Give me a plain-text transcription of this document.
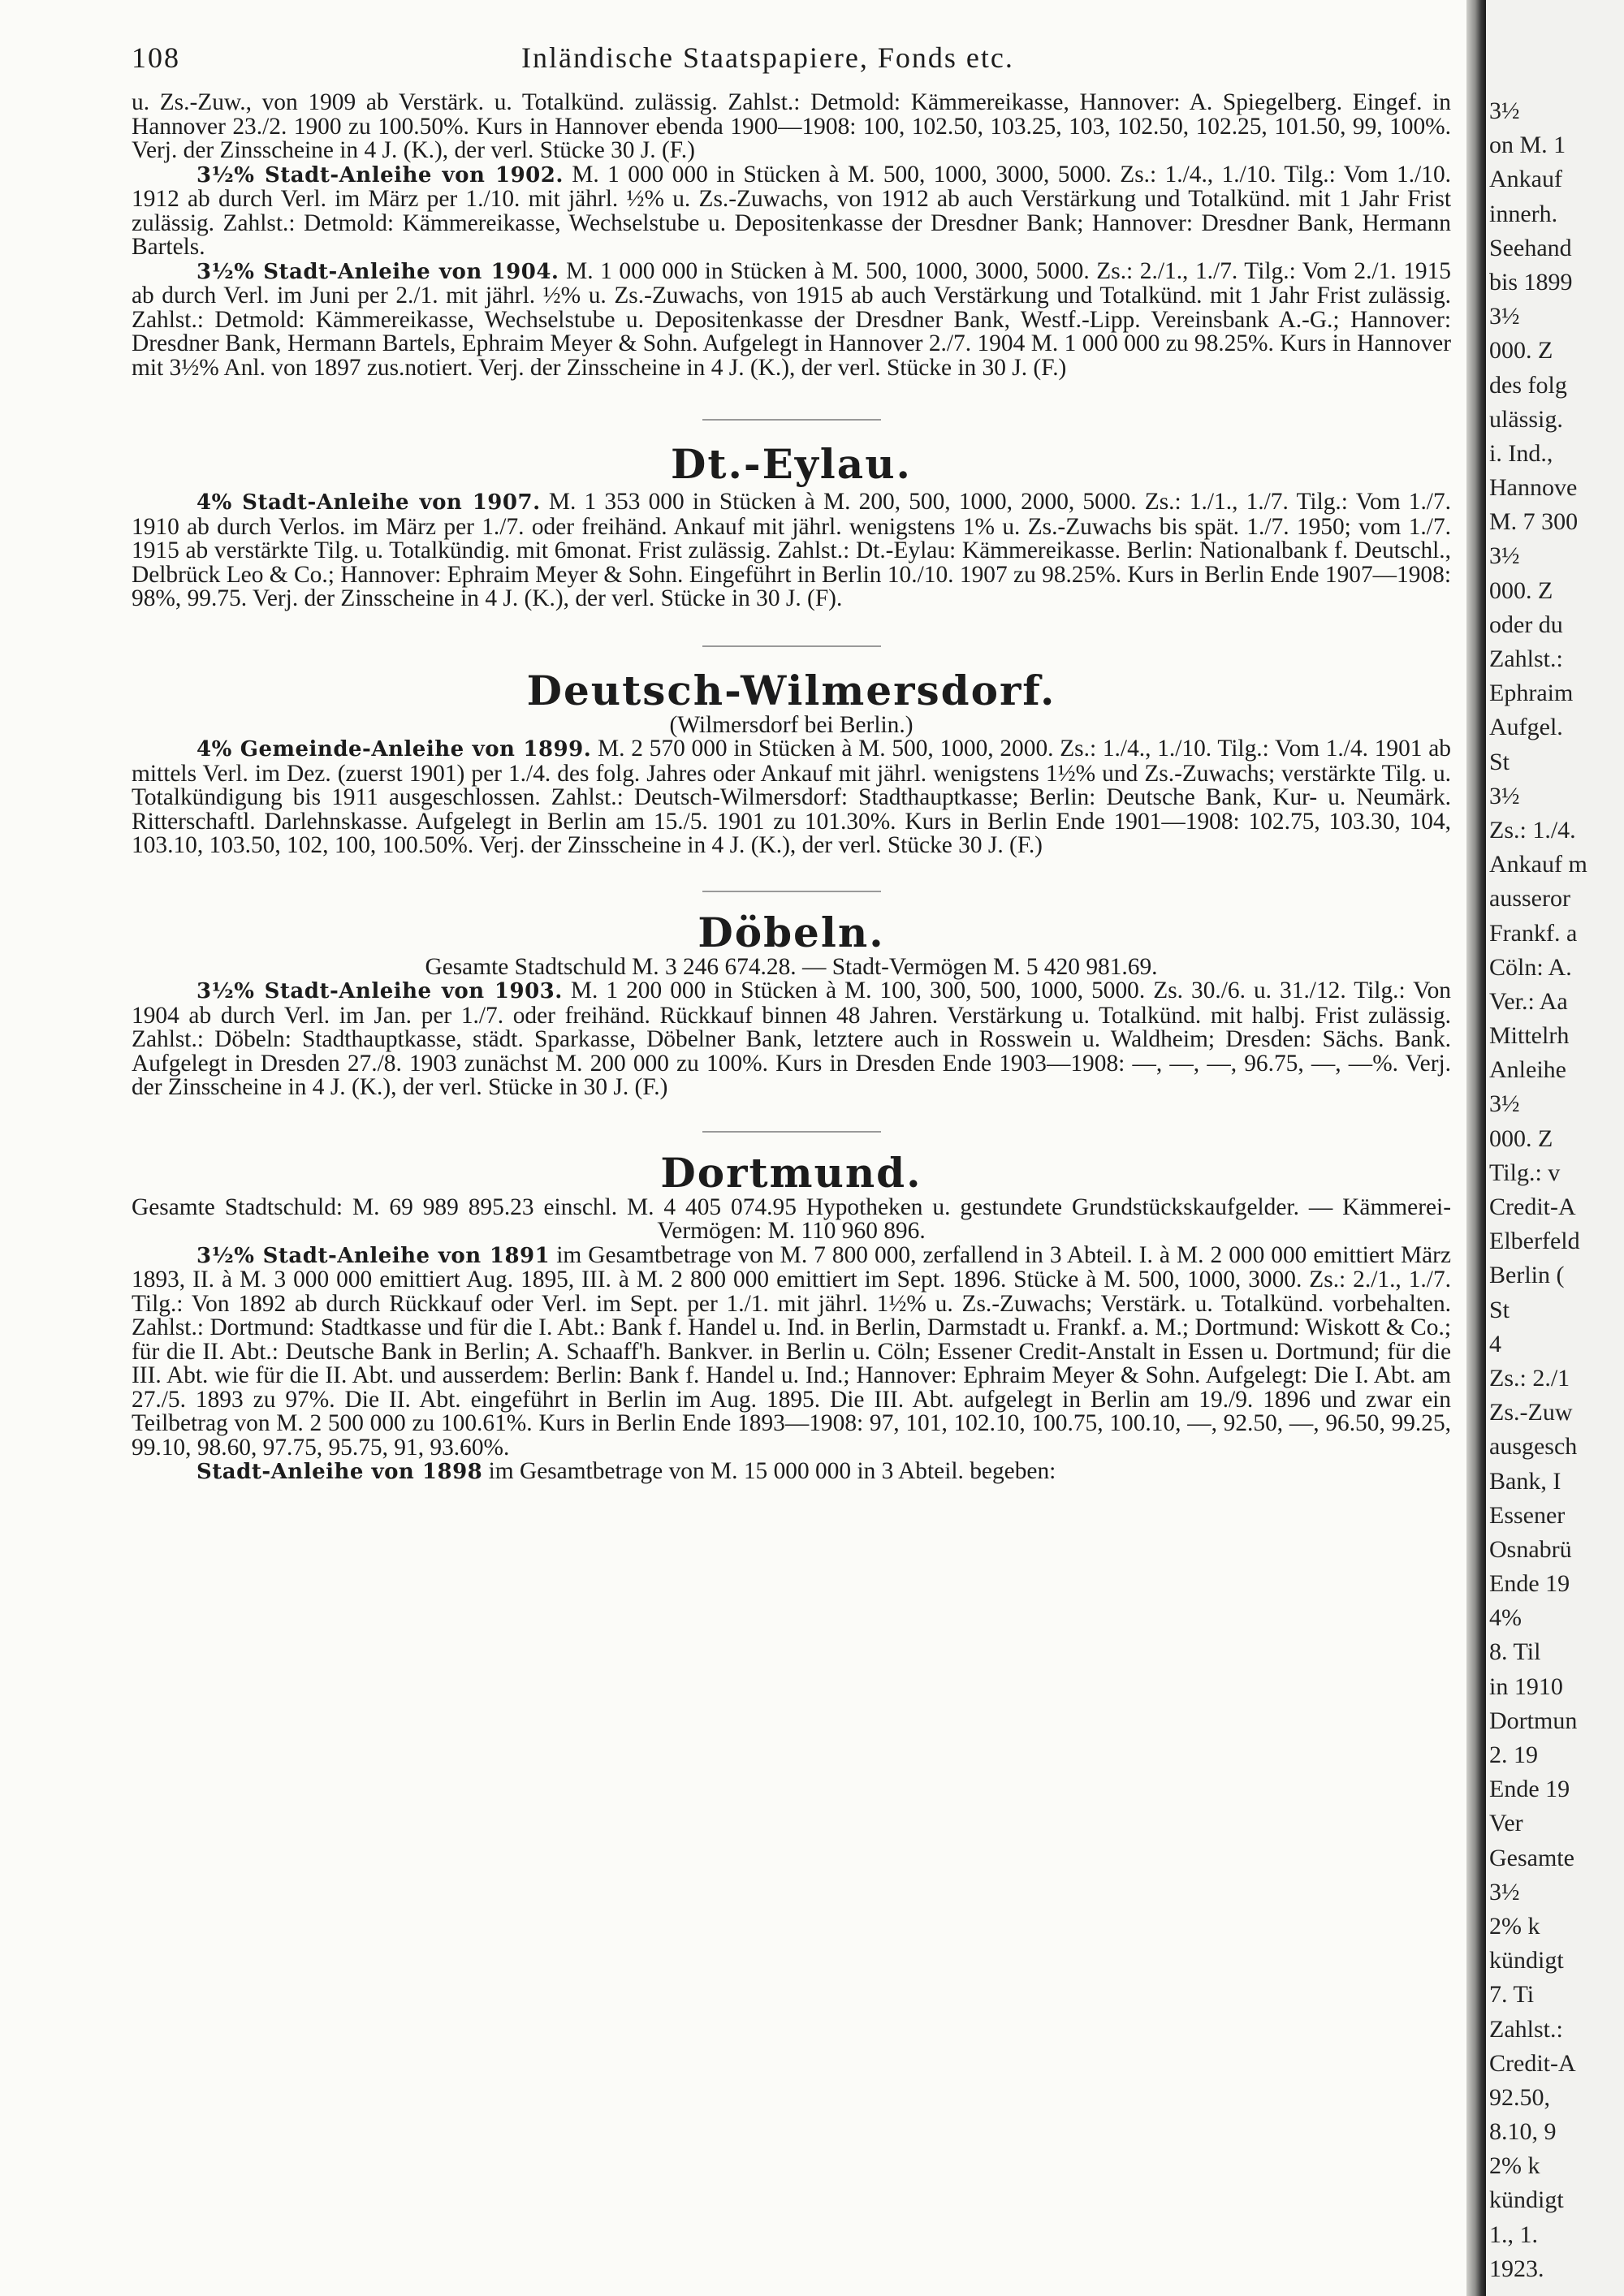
108	Inländische Staatspapiere, Fonds etc.

u. Zs.-Zuw., von 1909 ab Verstärk. u. Totalkünd. zulässig. Zahlst.: Detmold: Kämmereikasse, Hannover: A. Spiegelberg. Eingef. in Hannover 23./2. 1900 zu 100.50%. Kurs in Hannover ebenda 1900—1908: 100, 102.50, 103.25, 103, 102.50, 102.25, 101.50, 99, 100%. Verj. der Zinsscheine in 4 J. (K.), der verl. Stücke 30 J. (F.)

3½% Stadt-Anleihe von 1902. M. 1 000 000 in Stücken à M. 500, 1000, 3000, 5000. Zs.: 1./4., 1./10. Tilg.: Vom 1./10. 1912 ab durch Verl. im März per 1./10. mit jährl. ½% u. Zs.-Zuwachs, von 1912 ab auch Verstärkung und Totalkünd. mit 1 Jahr Frist zulässig. Zahlst.: Detmold: Kämmereikasse, Wechselstube u. Depositenkasse der Dresdner Bank; Hannover: Dresdner Bank, Hermann Bartels.

3½% Stadt-Anleihe von 1904. M. 1 000 000 in Stücken à M. 500, 1000, 3000, 5000. Zs.: 2./1., 1./7. Tilg.: Vom 2./1. 1915 ab durch Verl. im Juni per 2./1. mit jährl. ½% u. Zs.-Zuwachs, von 1915 ab auch Verstärkung und Totalkünd. mit 1 Jahr Frist zulässig. Zahlst.: Detmold: Kämmereikasse, Wechselstube u. Depositenkasse der Dresdner Bank, Westf.-Lipp. Vereinsbank A.-G.; Hannover: Dresdner Bank, Hermann Bartels, Ephraim Meyer & Sohn. Aufgelegt in Hannover 2./7. 1904 M. 1 000 000 zu 98.25%. Kurs in Hannover mit 3½% Anl. von 1897 zus.notiert. Verj. der Zinsscheine in 4 J. (K.), der verl. Stücke in 30 J. (F.)

Dt.-Eylau.

4% Stadt-Anleihe von 1907. M. 1 353 000 in Stücken à M. 200, 500, 1000, 2000, 5000. Zs.: 1./1., 1./7. Tilg.: Vom 1./7. 1910 ab durch Verlos. im März per 1./7. oder freihänd. Ankauf mit jährl. wenigstens 1% u. Zs.-Zuwachs bis spät. 1./7. 1950; vom 1./7. 1915 ab verstärkte Tilg. u. Totalkündig. mit 6monat. Frist zulässig. Zahlst.: Dt.-Eylau: Kämmereikasse. Berlin: Nationalbank f. Deutschl., Delbrück Leo & Co.; Hannover: Ephraim Meyer & Sohn. Eingeführt in Berlin 10./10. 1907 zu 98.25%. Kurs in Berlin Ende 1907—1908: 98%, 99.75. Verj. der Zinsscheine in 4 J. (K.), der verl. Stücke in 30 J. (F).

Deutsch-Wilmersdorf.

(Wilmersdorf bei Berlin.)

4% Gemeinde-Anleihe von 1899. M. 2 570 000 in Stücken à M. 500, 1000, 2000. Zs.: 1./4., 1./10. Tilg.: Vom 1./4. 1901 ab mittels Verl. im Dez. (zuerst 1901) per 1./4. des folg. Jahres oder Ankauf mit jährl. wenigstens 1½% und Zs.-Zuwachs; verstärkte Tilg. u. Totalkündigung bis 1911 ausgeschlossen. Zahlst.: Deutsch-Wilmersdorf: Stadthauptkasse; Berlin: Deutsche Bank, Kur- u. Neumärk. Ritterschaftl. Darlehnskasse. Aufgelegt in Berlin am 15./5. 1901 zu 101.30%. Kurs in Berlin Ende 1901—1908: 102.75, 103.30, 104, 103.10, 103.50, 102, 100, 100.50%. Verj. der Zinsscheine in 4 J. (K.), der verl. Stücke 30 J. (F.)

Döbeln.

Gesamte Stadtschuld M. 3 246 674.28. — Stadt-Vermögen M. 5 420 981.69.

3½% Stadt-Anleihe von 1903. M. 1 200 000 in Stücken à M. 100, 300, 500, 1000, 5000. Zs. 30./6. u. 31./12. Tilg.: Von 1904 ab durch Verl. im Jan. per 1./7. oder freihänd. Rückkauf binnen 48 Jahren. Verstärkung u. Totalkünd. mit halbj. Frist zulässig. Zahlst.: Döbeln: Stadthauptkasse, städt. Sparkasse, Döbelner Bank, letztere auch in Rosswein u. Waldheim; Dresden: Sächs. Bank. Aufgelegt in Dresden 27./8. 1903 zunächst M. 200 000 zu 100%. Kurs in Dresden Ende 1903—1908: —, —, —, 96.75, —, —%. Verj. der Zinsscheine in 4 J. (K.), der verl. Stücke in 30 J. (F.)

Dortmund.

Gesamte Stadtschuld: M. 69 989 895.23 einschl. M. 4 405 074.95 Hypotheken u. gestundete Grundstückskaufgelder. — Kämmerei-Vermögen: M. 110 960 896.

3½% Stadt-Anleihe von 1891 im Gesamtbetrage von M. 7 800 000, zerfallend in 3 Abteil. I. à M. 2 000 000 emittiert März 1893, II. à M. 3 000 000 emittiert Aug. 1895, III. à M. 2 800 000 emittiert im Sept. 1896. Stücke à M. 500, 1000, 3000. Zs.: 2./1., 1./7. Tilg.: Von 1892 ab durch Rückkauf oder Verl. im Sept. per 1./1. mit jährl. 1½% u. Zs.-Zuwachs; Verstärk. u. Totalkünd. vorbehalten. Zahlst.: Dortmund: Stadtkasse und für die I. Abt.: Bank f. Handel u. Ind. in Berlin, Darmstadt u. Frankf. a. M.; Dortmund: Wiskott & Co.; für die II. Abt.: Deutsche Bank in Berlin; A. Schaaff'h. Bankver. in Berlin u. Cöln; Essener Credit-Anstalt in Essen u. Dortmund; für die III. Abt. wie für die II. Abt. und ausserdem: Berlin: Bank f. Handel u. Ind.; Hannover: Ephraim Meyer & Sohn. Aufgelegt: Die I. Abt. am 27./5. 1893 zu 97%. Die II. Abt. eingeführt in Berlin im Aug. 1895. Die III. Abt. aufgelegt in Berlin am 19./9. 1896 und zwar ein Teilbetrag von M. 2 500 000 zu 100.61%. Kurs in Berlin Ende 1893—1908: 97, 101, 102.10, 100.75, 100.10, —, 92.50, —, 96.50, 99.25, 99.10, 98.60, 97.75, 95.75, 91, 93.60%.

Stadt-Anleihe von 1898 im Gesamtbetrage von M. 15 000 000 in 3 Abteil. begeben:

3½
on M. 1
Ankauf
innerh.
Seehand
bis 1899
3½
000. Z
des folg
ulässig.
i. Ind.,
Hannove
M. 7 300
3½
000. Z
oder du
Zahlst.:
Ephraim
Aufgel.
St
3½
Zs.: 1./4.
Ankauf m
ausseror
Frankf. a
Cöln: A.
Ver.: Aa
Mittelrh
Anleihe
3½
000. Z
Tilg.: v
Credit-A
Elberfeld
Berlin (
St
4
Zs.: 2./1
Zs.-Zuw
ausgesch
Bank, I
Essener
Osnabrü
Ende 19
4%
8. Til
in 1910
Dortmun
2. 19
Ende 19
Ver
Gesamte
3½
2% k
kündigt
7. Ti
Zahlst.:
Credit-A
92.50,
8.10, 9
2% k
kündigt
1., 1.
1923.
